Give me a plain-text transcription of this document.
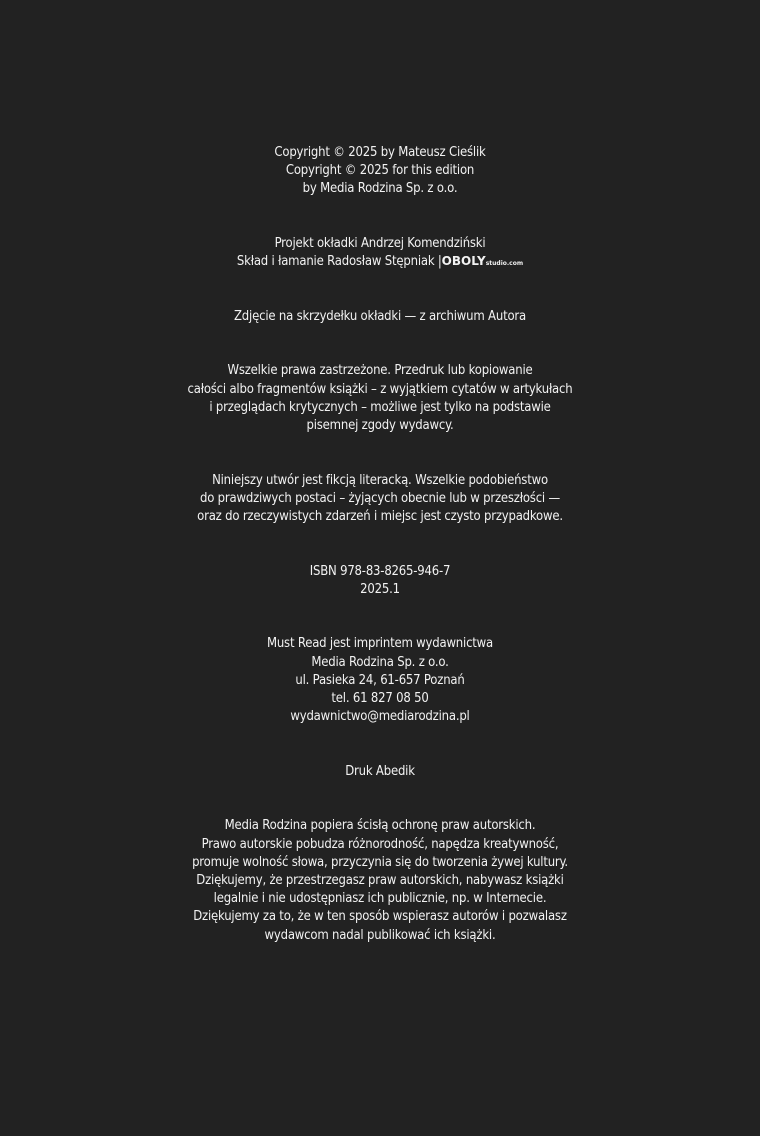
Copyright © 2025 by Mateusz Cieślik
Copyright © 2025 for this edition
by Media Rodzina Sp. z o.o.
Projekt okładki Andrzej Komendziński
Skład i łamanie Radosław Stępniak |OBOLYstudio.com
Zdjęcie na skrzydełku okładki — z archiwum Autora
Wszelkie prawa zastrzeżone. Przedruk lub kopiowanie
całości albo fragmentów książki – z wyjątkiem cytatów w artykułach
i przeglądach krytycznych – możliwe jest tylko na podstawie
pisemnej zgody wydawcy.
Niniejszy utwór jest fikcją literacką. Wszelkie podobieństwo
do prawdziwych postaci – żyjących obecnie lub w przeszłości —
oraz do rzeczywistych zdarzeń i miejsc jest czysto przypadkowe.
ISBN 978-83-8265-946-7
2025.1
Must Read jest imprintem wydawnictwa
Media Rodzina Sp. z o.o.
ul. Pasieka 24, 61-657 Poznań
tel. 61 827 08 50
wydawnictwo@mediarodzina.pl
Druk Abedik
Media Rodzina popiera ścisłą ochronę praw autorskich.
Prawo autorskie pobudza różnorodność, napędza kreatywność,
promuje wolność słowa, przyczynia się do tworzenia żywej kultury.
Dziękujemy, że przestrzegasz praw autorskich, nabywasz książki
legalnie i nie udostępniasz ich publicznie, np. w Internecie.
Dziękujemy za to, że w ten sposób wspierasz autorów i pozwalasz
wydawcom nadal publikować ich książki.
